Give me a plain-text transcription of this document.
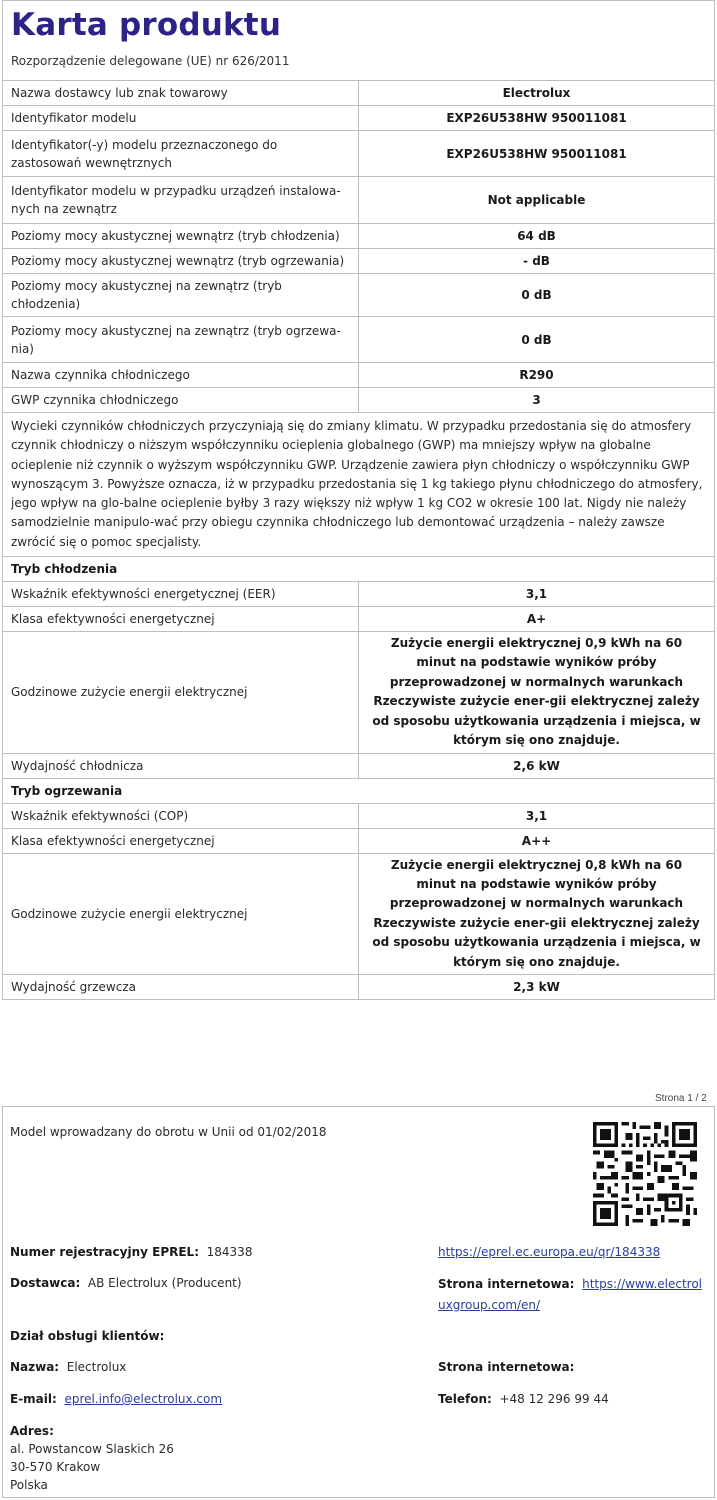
Karta produktu
Rozporządzenie delegowane (UE) nr 626/2011
Nazwa dostawcy lub znak towarowy	Electrolux
Identyfikator modelu	EXP26U538HW 950011081
Identyfikator(-y) modelu przeznaczonego do zastosowań wewnętrznych	EXP26U538HW 950011081
Identyfikator modelu w przypadku urządzeń instalowa-nych na zewnątrz	Not applicable
Poziomy mocy akustycznej wewnątrz (tryb chłodzenia)	64 dB
Poziomy mocy akustycznej wewnątrz (tryb ogrzewania)	- dB
Poziomy mocy akustycznej na zewnątrz (tryb chłodzenia)	0 dB
Poziomy mocy akustycznej na zewnątrz (tryb ogrzewa-nia)	0 dB
Nazwa czynnika chłodniczego	R290
GWP czynnika chłodniczego	3
Wycieki czynników chłodniczych przyczyniają się do zmiany klimatu. W przypadku przedostania się do atmosfery czynnik chłodniczy o niższym współczynniku ocieplenia globalnego (GWP) ma mniejszy wpływ na globalne ocieplenie niż czynnik o wyższym współczynniku GWP. Urządzenie zawiera płyn chłodniczy o współczynniku GWP wynoszącym 3. Powyższe oznacza, iż w przypadku przedostania się 1 kg takiego płynu chłodniczego do atmosfery, jego wpływ na glo-balne ocieplenie byłby 3 razy większy niż wpływ 1 kg CO2 w okresie 100 lat. Nigdy nie należy samodzielnie manipulo-wać przy obiegu czynnika chłodniczego lub demontować urządzenia – należy zawsze zwrócić się o pomoc specjalisty.	
Tryb chłodzenia	
Wskaźnik efektywności energetycznej (EER)	3,1
Klasa efektywności energetycznej	A+
Godzinowe zużycie energii elektrycznej	Zużycie energii elektrycznej 0,9 kWh na 60 minut na podstawie wyników próby przeprowadzonej w normalnych warunkach Rzeczywiste zużycie ener-gii elektrycznej zależy od sposobu użytkowania urządzenia i miejsca, w którym się ono znajduje.
Wydajność chłodnicza	2,6 kW
Tryb ogrzewania	
Wskaźnik efektywności (COP)	3,1
Klasa efektywności energetycznej	A++
Godzinowe zużycie energii elektrycznej	Zużycie energii elektrycznej 0,8 kWh na 60 minut na podstawie wyników próby przeprowadzonej w normalnych warunkach Rzeczywiste zużycie ener-gii elektrycznej zależy od sposobu użytkowania urządzenia i miejsca, w którym się ono znajduje.
Wydajność grzewcza	2,3 kW
Strona 1 / 2
Model wprowadzany do obrotu w Unii od 01/02/2018
Numer rejestracyjny EPREL: 184338	https://eprel.ec.europa.eu/qr/184338
Dostawca: AB Electrolux (Producent)	Strona internetowa: https://www.electrol
uxgroup.com/en/
Dział obsługi klientów:
Nazwa: Electrolux	Strona internetowa:
E-mail: eprel.info@electrolux.com	Telefon: +48 12 296 99 44
Adres:
al. Powstancow Slaskich 26
30-570 Krakow
Polska
